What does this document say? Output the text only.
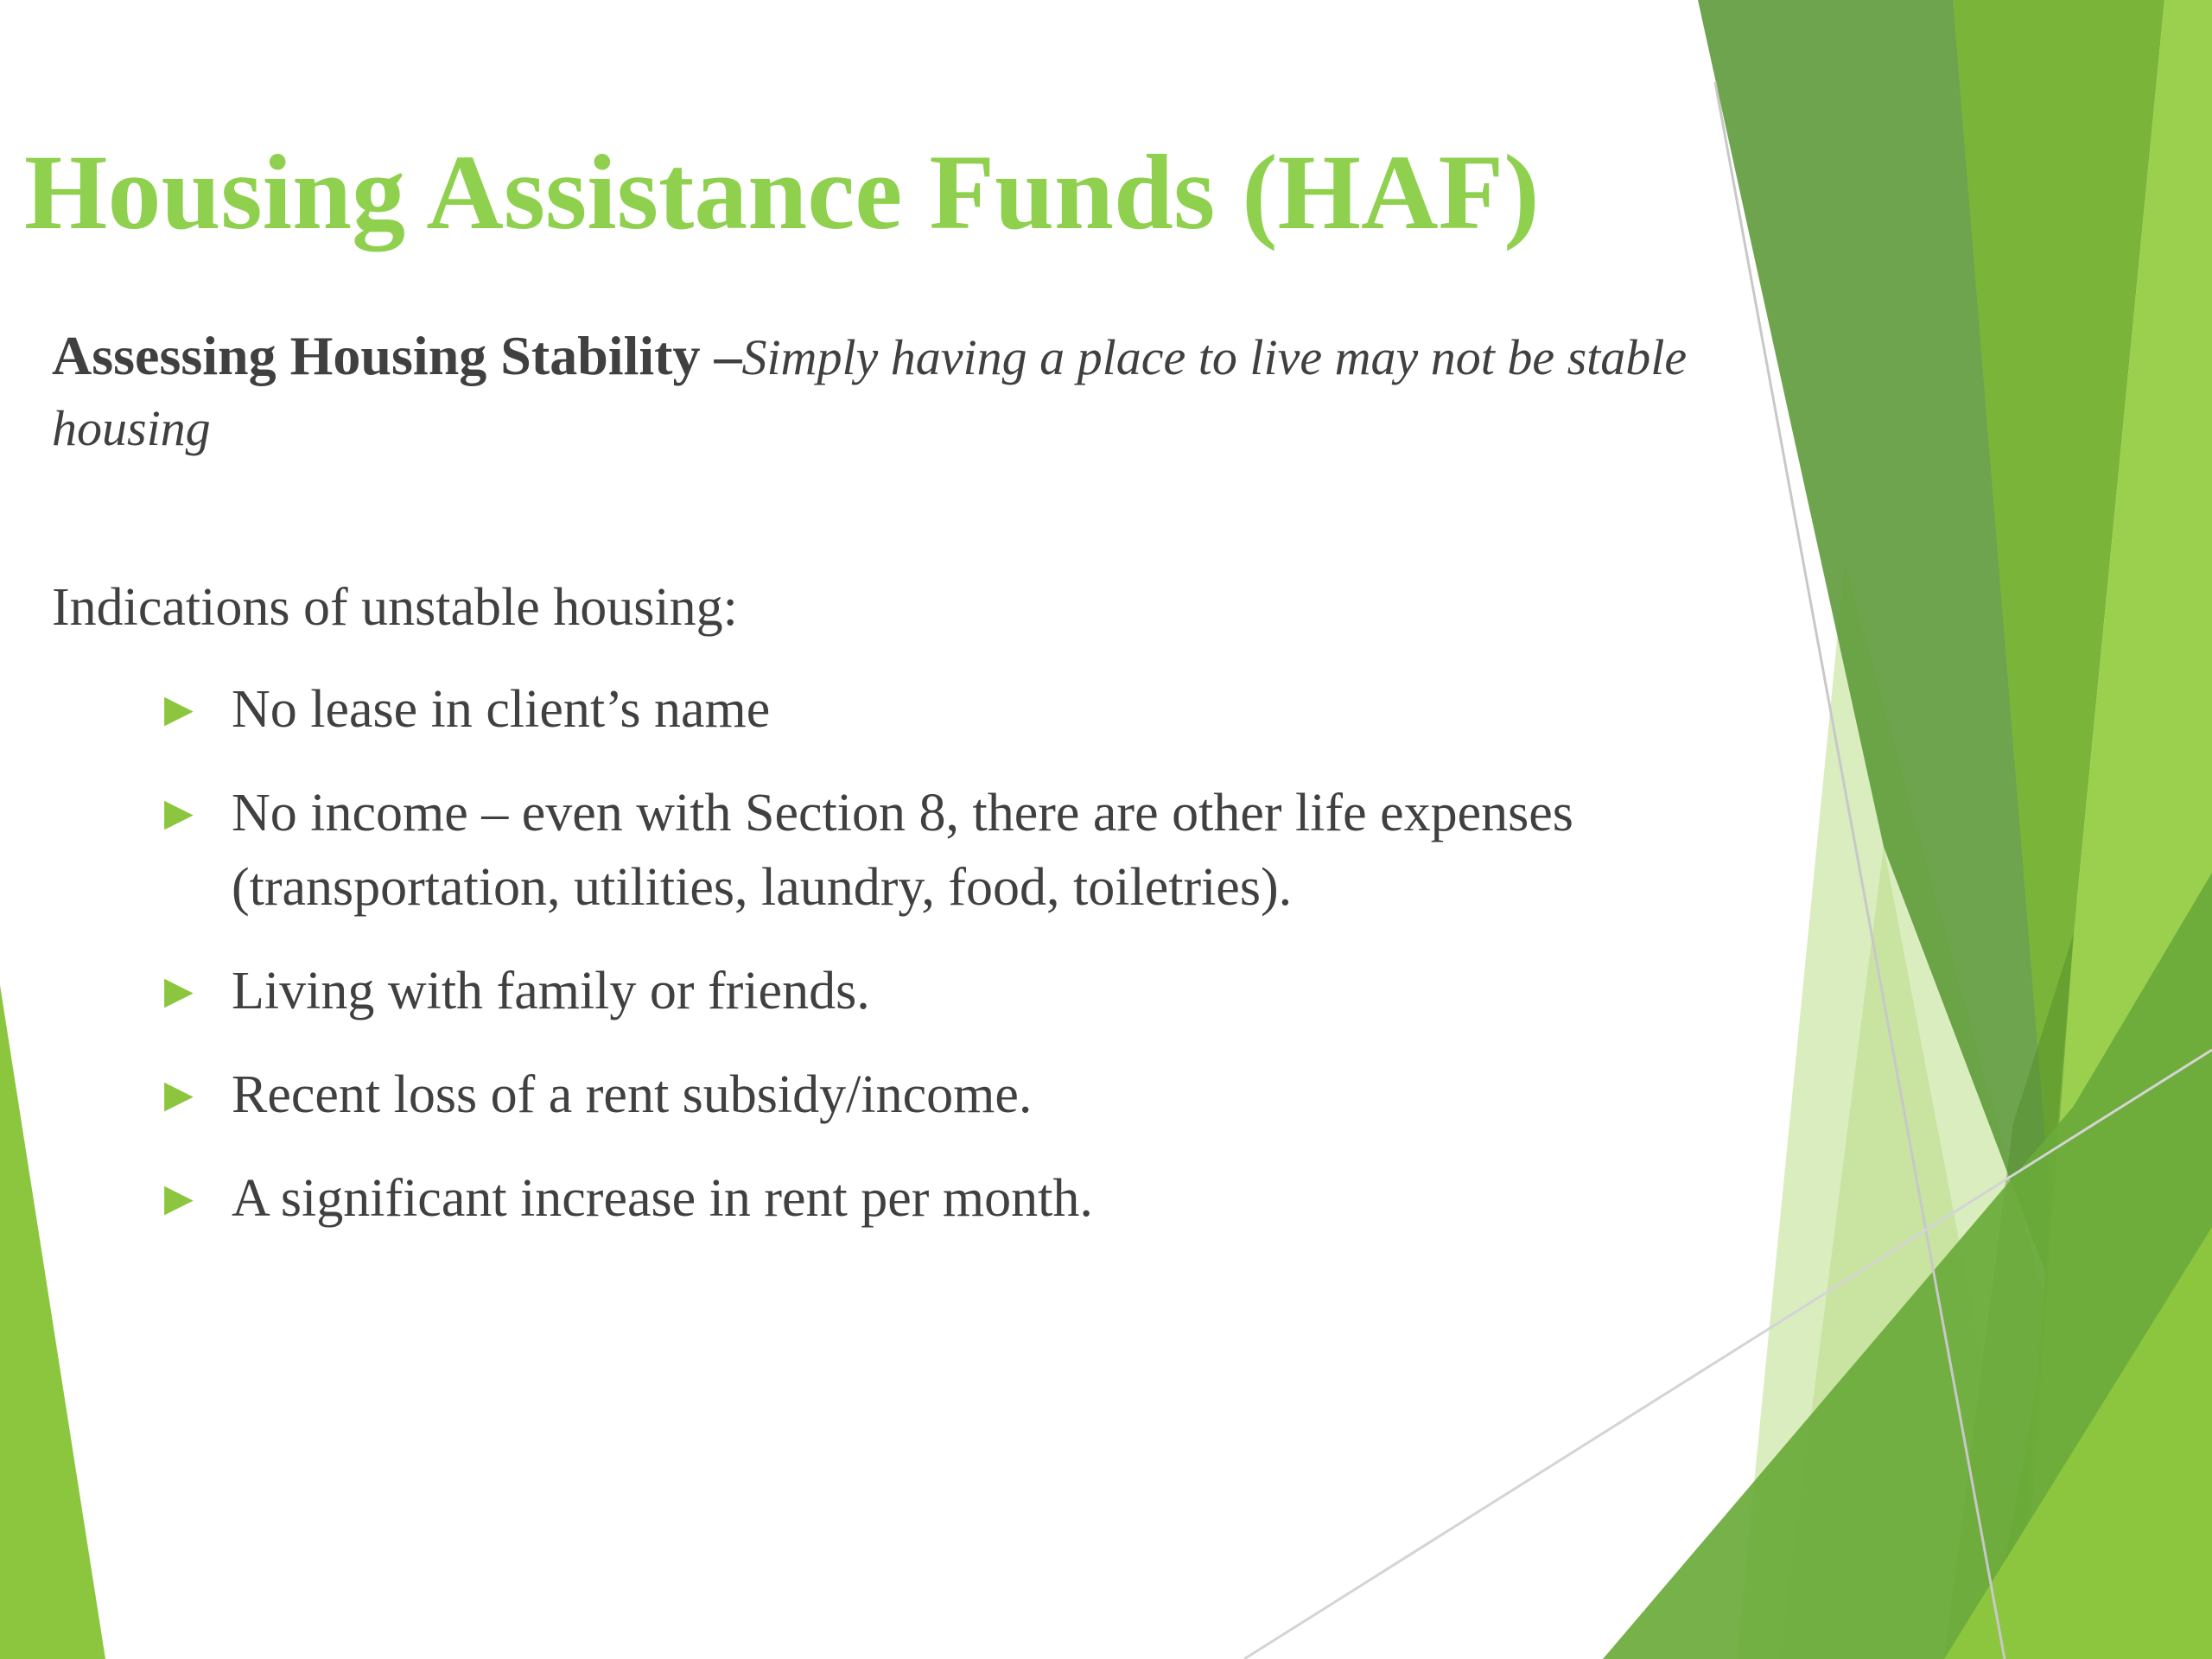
Housing Assistance Funds (HAF)
Assessing Housing Stability –Simply having a place to live may not be stable housing
Indications of unstable housing:
▶ No lease in client’s name
▶ No income – even with Section 8, there are other life expenses (transportation, utilities, laundry, food, toiletries).
▶ Living with family or friends.
▶ Recent loss of a rent subsidy/income.
▶ A significant increase in rent per month.
